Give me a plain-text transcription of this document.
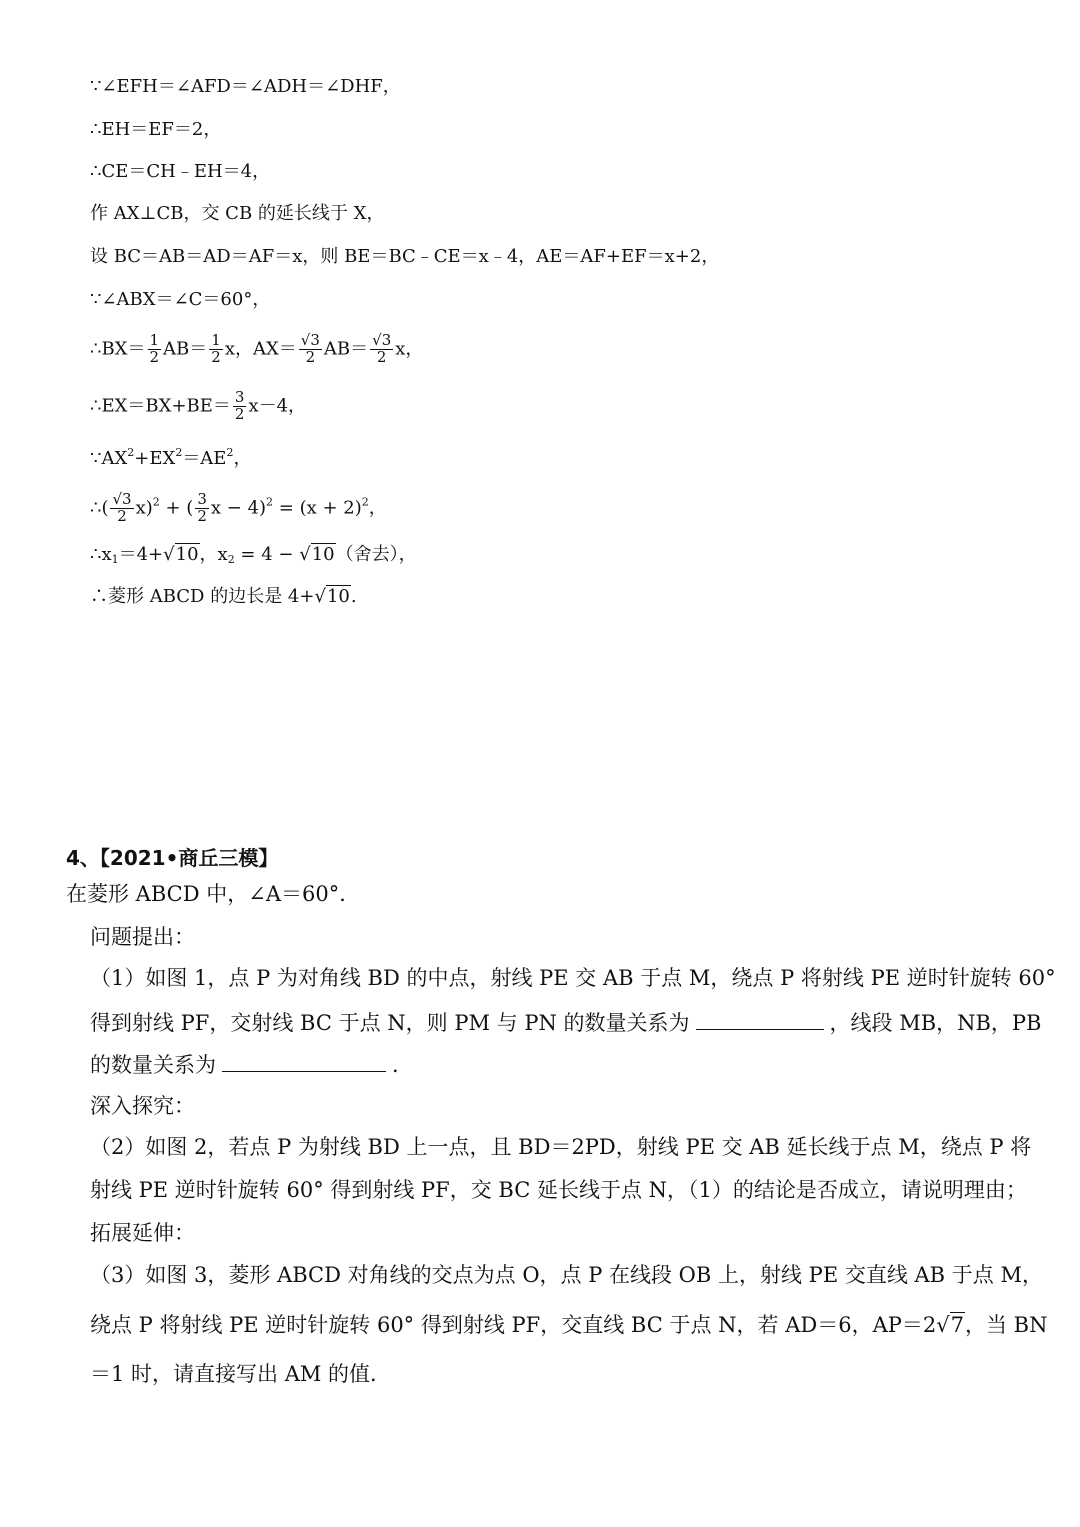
∵∠EFH＝∠AFD＝∠ADH＝∠DHF，
∴EH＝EF＝2，
∴CE＝CH﹣EH＝4，
作 AX⊥CB，交 CB 的延长线于 X，
设 BC＝AB＝AD＝AF＝x，则 BE＝BC﹣CE＝x﹣4，AE＝AF+EF＝x+2，
∵∠ABX＝∠C＝60°，
∴BX＝ $\frac{1}{2} AB= \frac{1}{2}$ x，$AX= \frac{√3}{2} AB= \frac{√3}{2}$ x，
∴EX＝BX+BE＝ $\frac{3}{2} x-4$，
$\because AX^2+EX^2=AE^2$，
∴( $\frac{√3}{2} x)^2$ + ( $\frac{3}{2}$ $x - 4)^2 = (x + 2)^2$，
$\therefore x_1=4+√10$，$x_2 = 4 - √10$（舍去），
∴菱形 ABCD 的边长是 4+√10.
4、【2021•商丘三模】
在菱形 ABCD 中，∠A＝60°．
问题提出：
（1）如图 1，点 P 为对角线 BD 的中点，射线 PE 交 AB 于点 M，绕点 P 将射线 PE 逆时针旋转 60°
得到射线 PF，交射线 BC 于点 N，则 PM 与 PN 的数量关系为	，线段 MB，NB，PB
的数量关系为	．
深入探究：
（2）如图 2，若点 P 为射线 BD 上一点，且 BD＝2PD，射线 PE 交 AB 延长线于点 M，绕点 P 将
射线 PE 逆时针旋转 60° 得到射线 PF，交 BC 延长线于点 N，（1）的结论是否成立，请说明理由；
拓展延伸：
（3）如图 3，菱形 ABCD 对角线的交点为点 O，点 P 在线段 OB 上，射线 PE 交直线 AB 于点 M，
绕点 P 将射线 PE 逆时针旋转 60° 得到射线 PF，交直线 BC 于点 N，若 AD＝6，AP＝2√7，当 BN
＝1 时，请直接写出 AM 的值．
